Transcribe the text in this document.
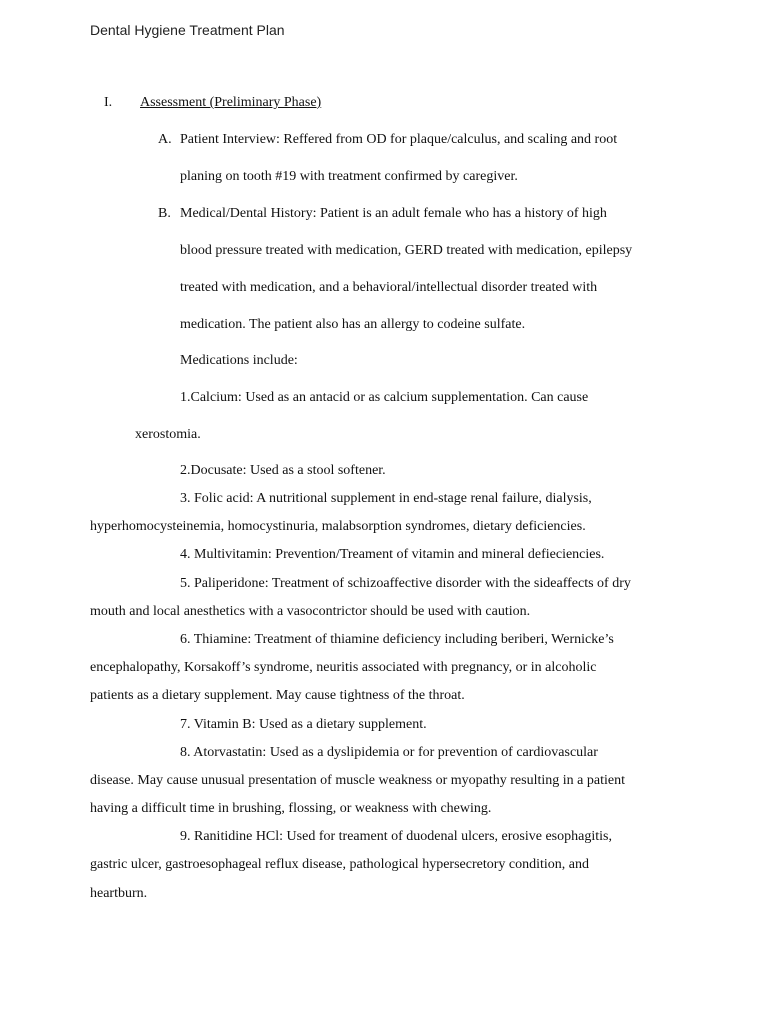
Dental Hygiene Treatment Plan
I. Assessment (Preliminary Phase)
A. Patient Interview: Reffered from OD for plaque/calculus, and scaling and root
planing on tooth #19 with treatment confirmed by caregiver.
B. Medical/Dental History: Patient is an adult female who has a history of high
blood pressure treated with medication, GERD treated with medication, epilepsy
treated with medication, and a behavioral/intellectual disorder treated with
medication. The patient also has an allergy to codeine sulfate.
Medications include:
1.Calcium: Used as an antacid or as calcium supplementation. Can cause
xerostomia.
2.Docusate: Used as a stool softener.
3. Folic acid: A nutritional supplement in end-stage renal failure, dialysis,
hyperhomocysteinemia, homocystinuria, malabsorption syndromes, dietary deficiencies.
4. Multivitamin: Prevention/Treament of vitamin and mineral defieciencies.
5. Paliperidone: Treatment of schizoaffective disorder with the sideaffects of dry
mouth and local anesthetics with a vasocontrictor should be used with caution.
6. Thiamine: Treatment of thiamine deficiency including beriberi, Wernicke’s
encephalopathy, Korsakoff’s syndrome, neuritis associated with pregnancy, or in alcoholic
patients as a dietary supplement. May cause tightness of the throat.
7. Vitamin B: Used as a dietary supplement.
8. Atorvastatin: Used as a dyslipidemia or for prevention of cardiovascular
disease. May cause unusual presentation of muscle weakness or myopathy resulting in a patient
having a difficult time in brushing, flossing, or weakness with chewing.
9. Ranitidine HCl: Used for treament of duodenal ulcers, erosive esophagitis,
gastric ulcer, gastroesophageal reflux disease, pathological hypersecretory condition, and
heartburn.
